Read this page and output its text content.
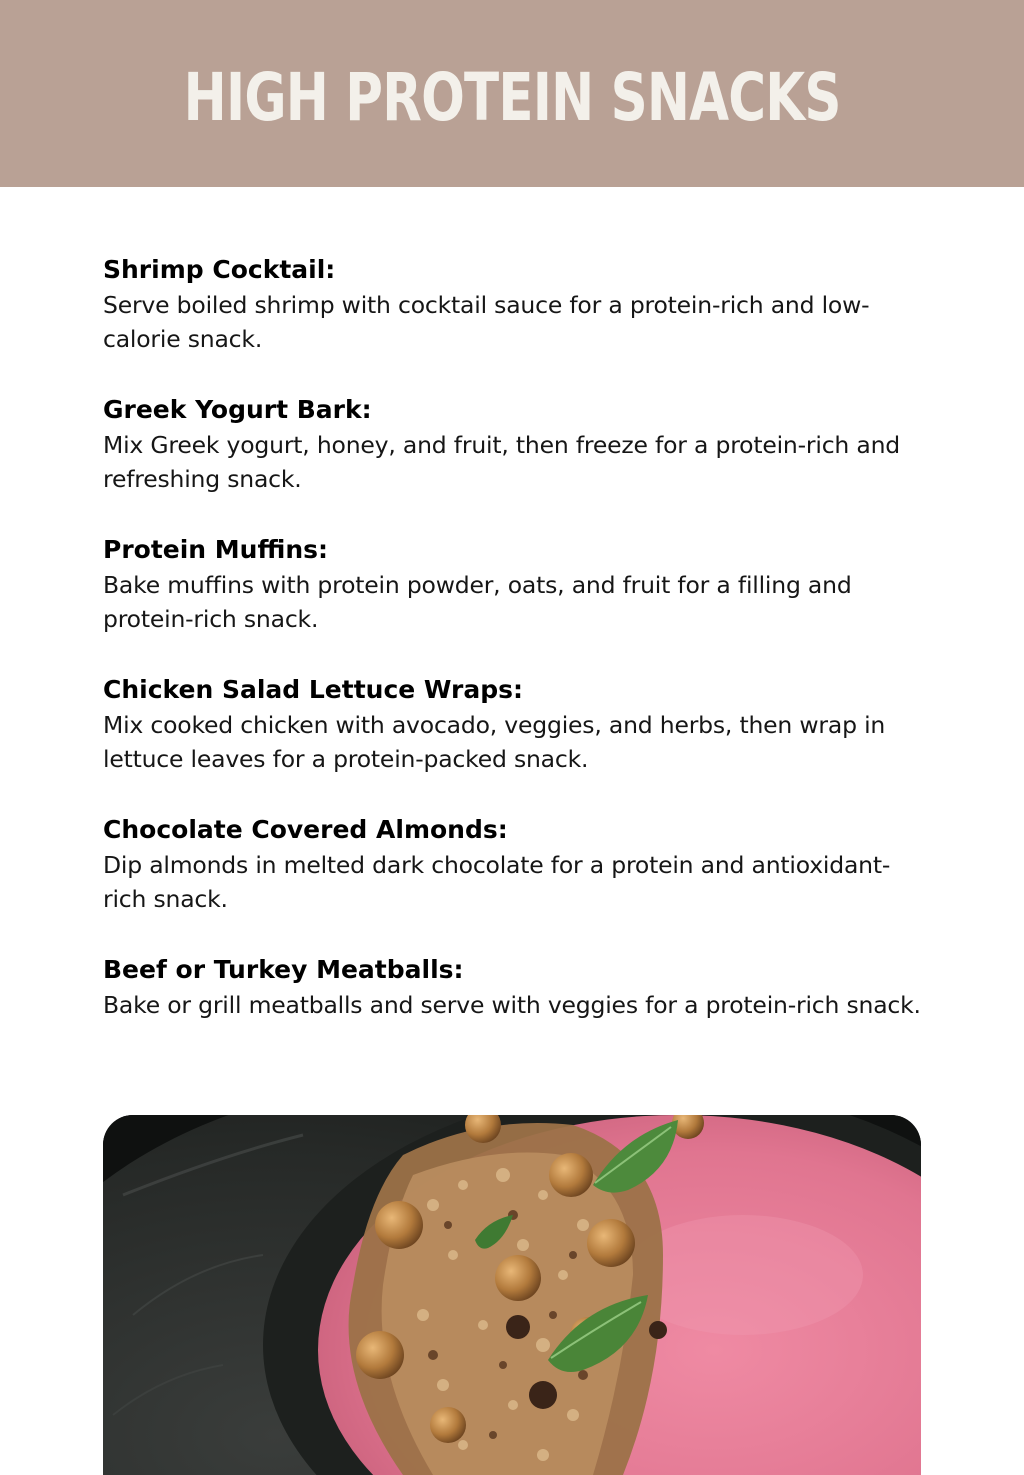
HIGH PROTEIN SNACKS

Shrimp Cocktail:

Serve boiled shrimp with cocktail sauce for a protein-rich and low-calorie snack.

Greek Yogurt Bark:

Mix Greek yogurt, honey, and fruit, then freeze for a protein-rich and refreshing snack.

Protein Muffins:

Bake muffins with protein powder, oats, and fruit for a filling and protein-rich snack.

Chicken Salad Lettuce Wraps:

Mix cooked chicken with avocado, veggies, and herbs, then wrap in lettuce leaves for a protein-packed snack.

Chocolate Covered Almonds:

Dip almonds in melted dark chocolate for a protein and antioxidant-rich snack.

Beef or Turkey Meatballs:

Bake or grill meatballs and serve with veggies for a protein-rich snack.
